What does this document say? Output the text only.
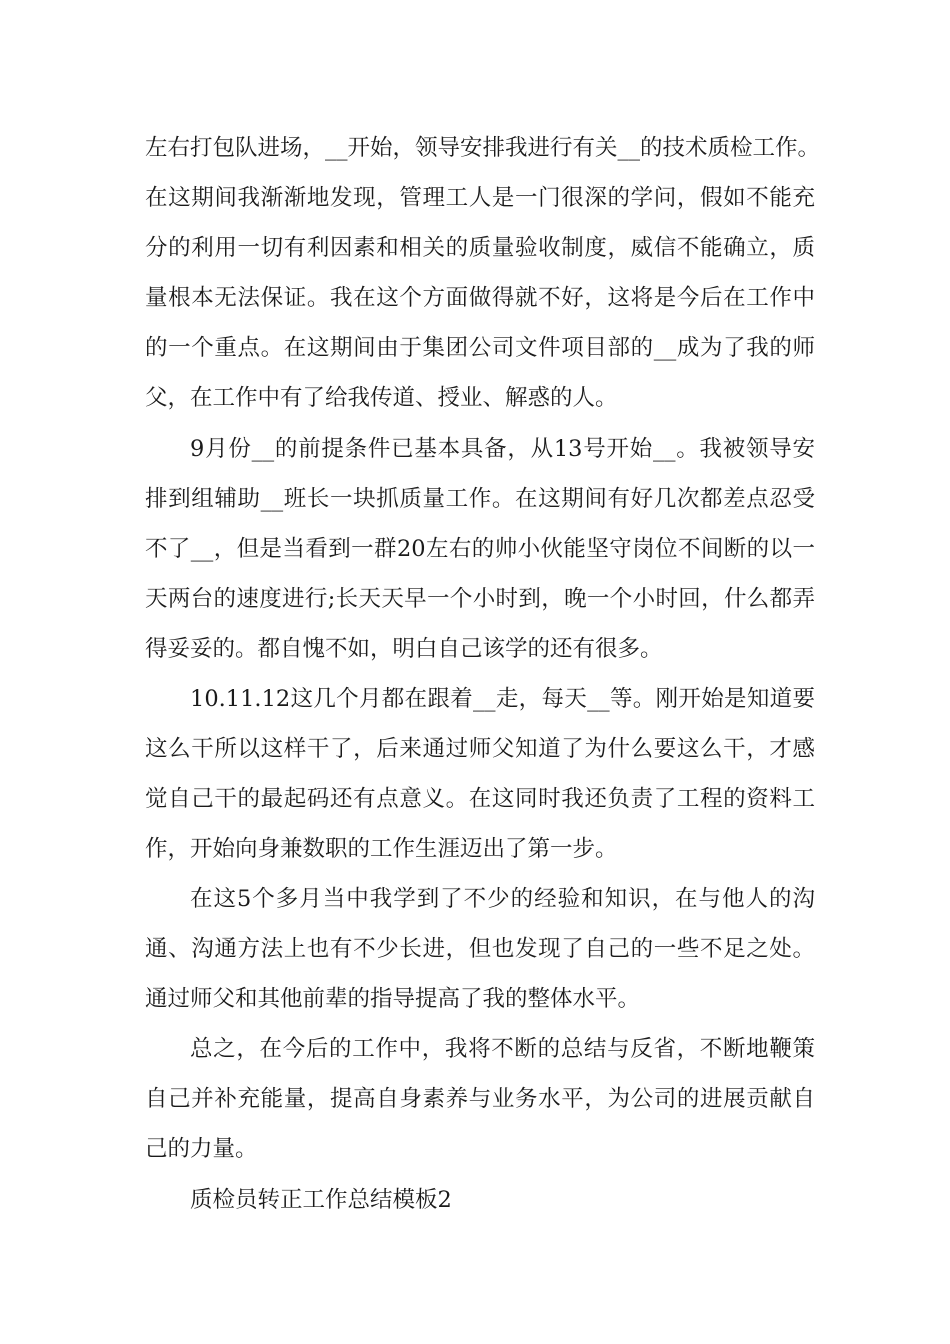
左右打包队进场，__开始，领导安排我进行有关__的技术质检工作。
在这期间我渐渐地发现，管理工人是一门很深的学问，假如不能充
分的利用一切有利因素和相关的质量验收制度，威信不能确立，质
量根本无法保证。我在这个方面做得就不好，这将是今后在工作中
的一个重点。在这期间由于集团公司文件项目部的__成为了我的师
父，在工作中有了给我传道、授业、解惑的人。
9月份__的前提条件已基本具备，从13号开始__。我被领导安
排到组辅助__班长一块抓质量工作。在这期间有好几次都差点忍受
不了__，但是当看到一群20左右的帅小伙能坚守岗位不间断的以一
天两台的速度进行;长天天早一个小时到，晚一个小时回，什么都弄
得妥妥的。都自愧不如，明白自己该学的还有很多。
10.11.12这几个月都在跟着__走，每天__等。刚开始是知道要
这么干所以这样干了，后来通过师父知道了为什么要这么干，才感
觉自己干的最起码还有点意义。在这同时我还负责了工程的资料工
作，开始向身兼数职的工作生涯迈出了第一步。
在这5个多月当中我学到了不少的经验和知识，在与他人的沟
通、沟通方法上也有不少长进，但也发现了自己的一些不足之处。
通过师父和其他前辈的指导提高了我的整体水平。
总之，在今后的工作中，我将不断的总结与反省，不断地鞭策
自己并补充能量，提高自身素养与业务水平，为公司的进展贡献自
己的力量。
质检员转正工作总结模板2
